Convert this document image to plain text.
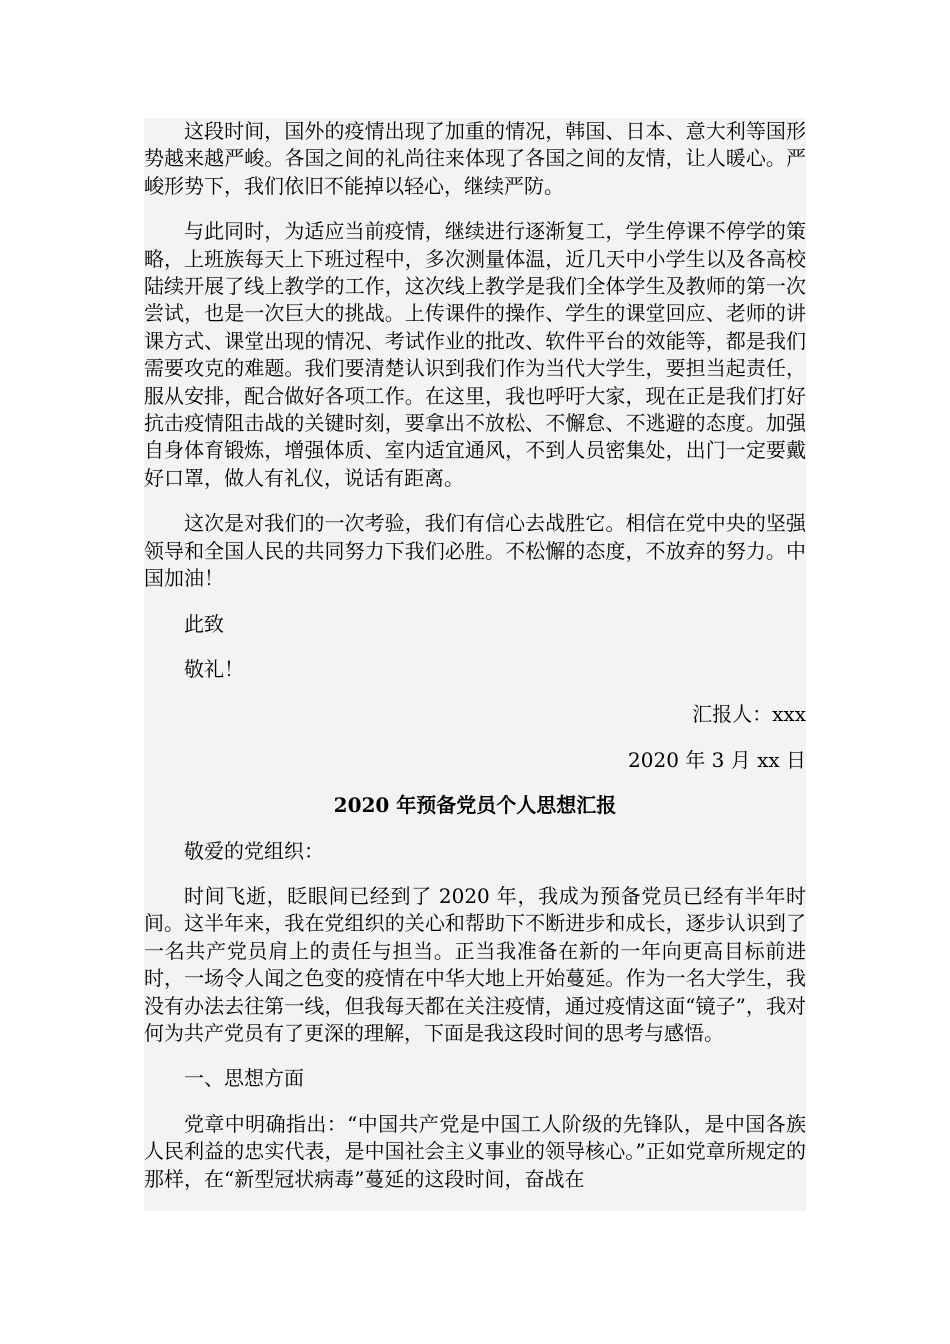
这段时间，国外的疫情出现了加重的情况，韩国、日本、意大利等国形势越来越严峻。各国之间的礼尚往来体现了各国之间的友情，让人暖心。严峻形势下，我们依旧不能掉以轻心，继续严防。

与此同时，为适应当前疫情，继续进行逐渐复工，学生停课不停学的策略，上班族每天上下班过程中，多次测量体温，近几天中小学生以及各高校陆续开展了线上教学的工作，这次线上教学是我们全体学生及教师的第一次尝试，也是一次巨大的挑战。上传课件的操作、学生的课堂回应、老师的讲课方式、课堂出现的情况、考试作业的批改、软件平台的效能等，都是我们需要攻克的难题。我们要清楚认识到我们作为当代大学生，要担当起责任，服从安排，配合做好各项工作。在这里，我也呼吁大家，现在正是我们打好抗击疫情阻击战的关键时刻，要拿出不放松、不懈怠、不逃避的态度。加强自身体育锻炼，增强体质、室内适宜通风，不到人员密集处，出门一定要戴好口罩，做人有礼仪，说话有距离。

这次是对我们的一次考验，我们有信心去战胜它。相信在党中央的坚强领导和全国人民的共同努力下我们必胜。不松懈的态度，不放弃的努力。中国加油！

此致

敬礼！

汇报人：xxx

2020 年 3 月 xx 日

2020 年预备党员个人思想汇报

敬爱的党组织：

时间飞逝，眨眼间已经到了 2020 年，我成为预备党员已经有半年时间。这半年来，我在党组织的关心和帮助下不断进步和成长，逐步认识到了一名共产党员肩上的责任与担当。正当我准备在新的一年向更高目标前进时，一场令人闻之色变的疫情在中华大地上开始蔓延。作为一名大学生，我没有办法去往第一线，但我每天都在关注疫情，通过疫情这面“镜子”，我对何为共产党员有了更深的理解，下面是我这段时间的思考与感悟。

一、思想方面

党章中明确指出：“中国共产党是中国工人阶级的先锋队，是中国各族人民利益的忠实代表，是中国社会主义事业的领导核心。”正如党章所规定的那样，在“新型冠状病毒”蔓延的这段时间，奋战在
